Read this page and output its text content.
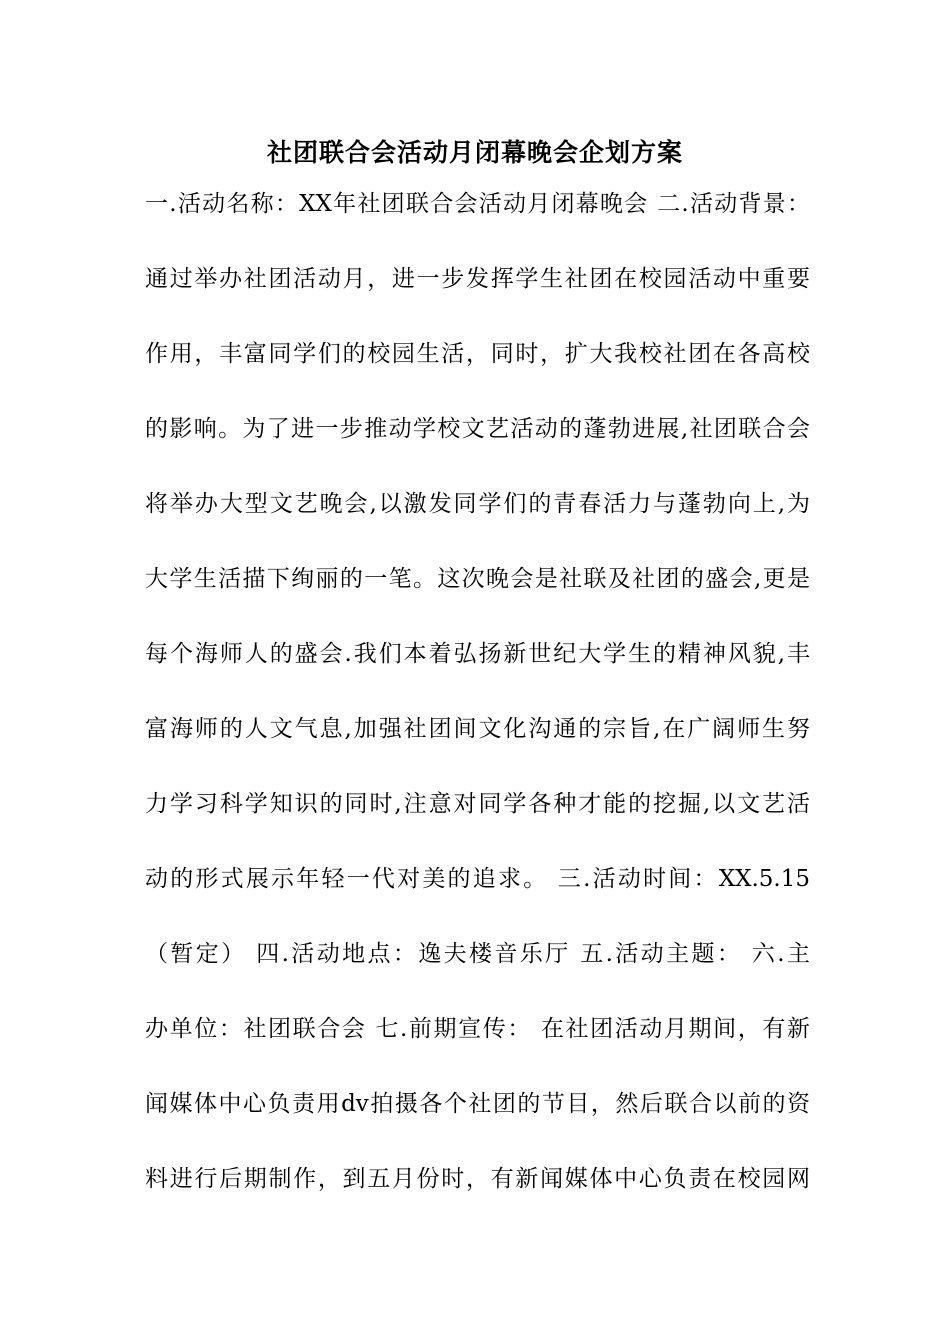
社团联合会活动月闭幕晚会企划方案
一.活动名称：XX年社团联合会活动月闭幕晚会 二.活动背景：
通过举办社团活动月，进一步发挥学生社团在校园活动中重要
作用，丰富同学们的校园生活，同时，扩大我校社团在各高校
的影响。为了进一步推动学校文艺活动的蓬勃进展,社团联合会
将举办大型文艺晚会,以激发同学们的青春活力与蓬勃向上,为
大学生活描下绚丽的一笔。这次晚会是社联及社团的盛会,更是
每个海师人的盛会.我们本着弘扬新世纪大学生的精神风貌,丰
富海师的人文气息,加强社团间文化沟通的宗旨,在广阔师生努
力学习科学知识的同时,注意对同学各种才能的挖掘,以文艺活
动的形式展示年轻一代对美的追求。 三.活动时间：XX.5.15
（暂定） 四.活动地点：逸夫楼音乐厅 五.活动主题： 六.主
办单位：社团联合会 七.前期宣传： 在社团活动月期间，有新
闻媒体中心负责用dv拍摄各个社团的节目，然后联合以前的资
料进行后期制作，到五月份时，有新闻媒体中心负责在校园网
